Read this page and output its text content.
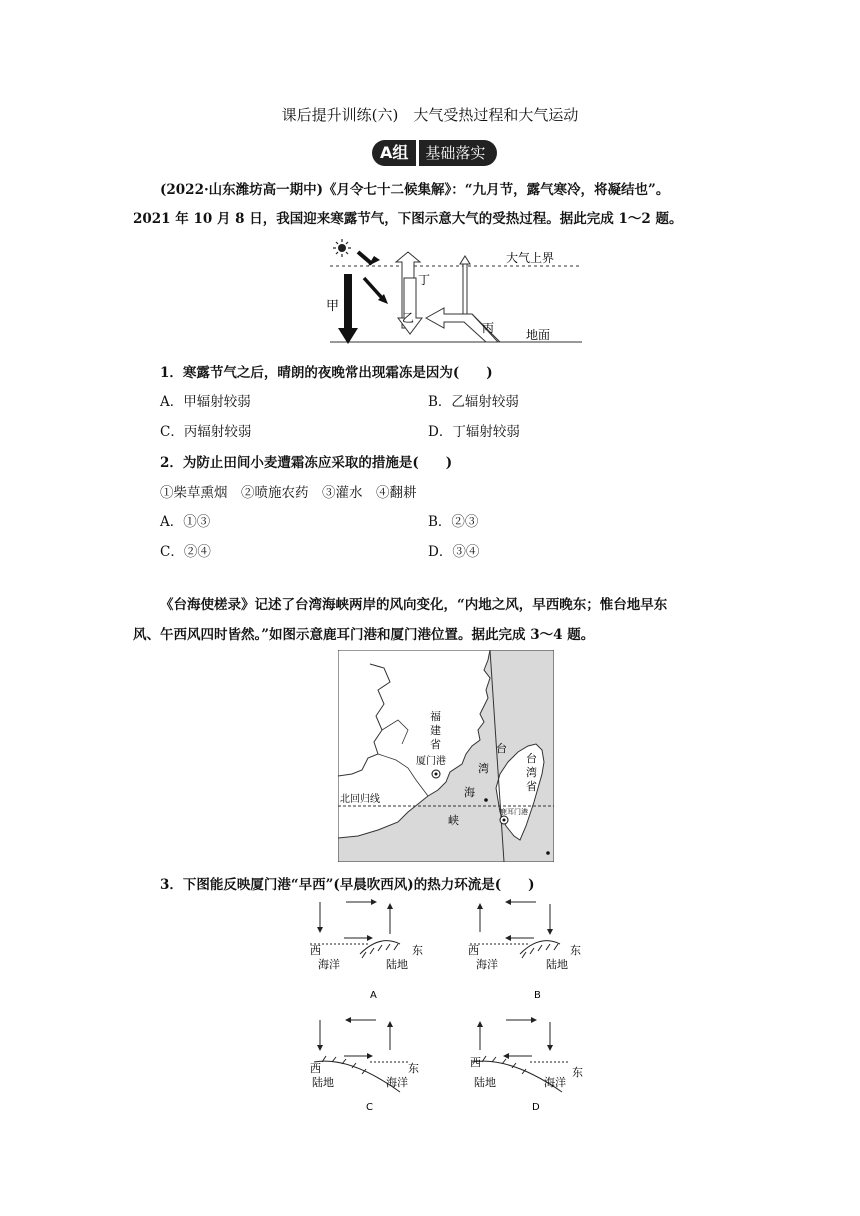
课后提升训练(六)　大气受热过程和大气运动
A组	基础落实
(2022·山东潍坊高一期中)《月令七十二候集解》：“九月节，露气寒冷，将凝结也”。
2021 年 10 月 8 日，我国迎来寒露节气，下图示意大气的受热过程。据此完成 1～2 题。
大气上界
地面
甲
乙
丙
丁
1．寒露节气之后，晴朗的夜晚常出现霜冻是因为(　　)
A．甲辐射较弱	B．乙辐射较弱
C．丙辐射较弱	D．丁辐射较弱
2．为防止田间小麦遭霜冻应采取的措施是(　　)
①柴草熏烟　②喷施农药　③灌水　④翻耕
A．①③	B．②③
C．②④	D．③④
《台海使槎录》记述了台湾海峡两岸的风向变化，“内地之风，早西晚东；惟台地早东
风、午西风四时皆然。”如图示意鹿耳门港和厦门港位置。据此完成 3～4 题。
福
建
省
厦门港
台
湾
海
峡
台
湾
省
鹿耳门港
北回归线
3．下图能反映厦门港“早西”(早晨吹西风)的热力环流是(　　)
西	东
海洋	陆地
A
西	东
海洋	陆地
B
西	东
陆地	海洋
C
西
东
陆地	海洋
D
